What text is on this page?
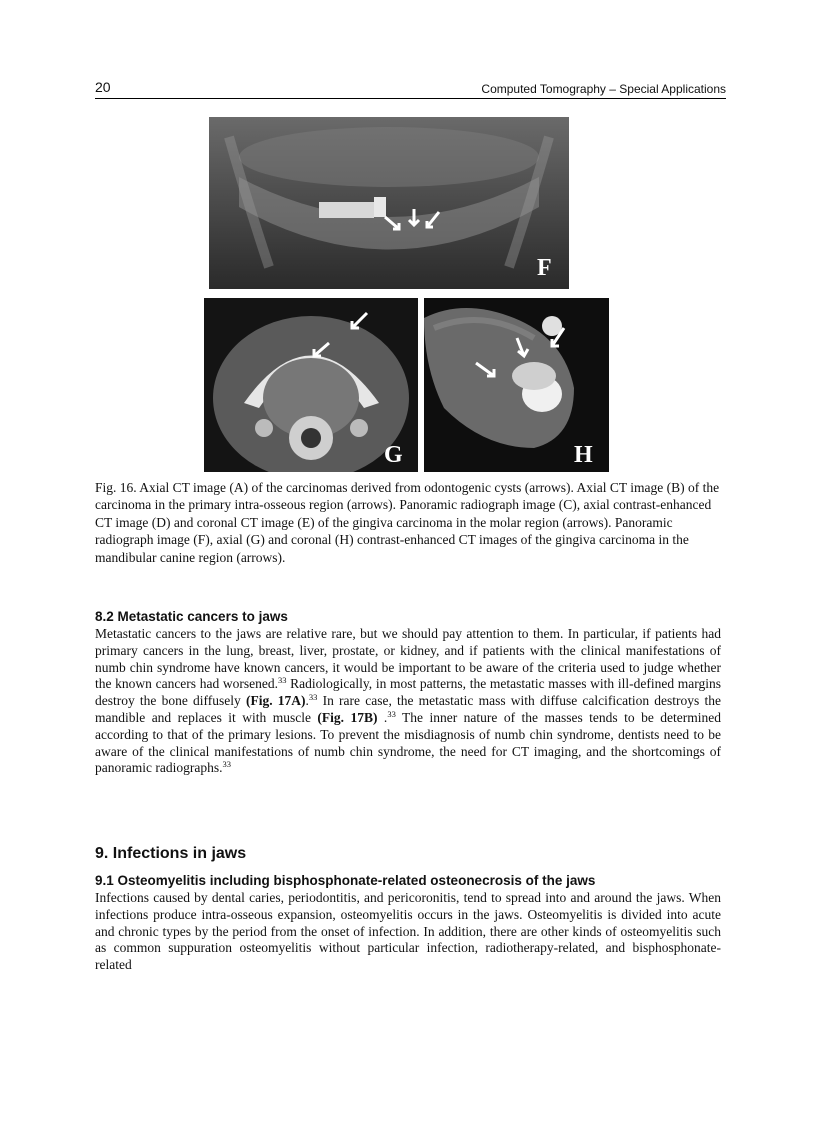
20	Computed Tomography – Special Applications
F
G	H

Fig. 16. Axial CT image (A) of the carcinomas derived from odontogenic cysts (arrows). Axial CT image (B) of the carcinoma in the primary intra-osseous region (arrows). Panoramic radiograph image (C), axial contrast-enhanced CT image (D) and coronal CT image (E) of the gingiva carcinoma in the molar region (arrows). Panoramic radiograph image (F), axial (G) and coronal (H) contrast-enhanced CT images of the gingiva carcinoma in the mandibular canine region (arrows).

8.2 Metastatic cancers to jaws

Metastatic cancers to the jaws are relative rare, but we should pay attention to them. In particular, if patients had primary cancers in the lung, breast, liver, prostate, or kidney, and if patients with the clinical manifestations of numb chin syndrome have known cancers, it would be important to be aware of the criteria used to judge whether the known cancers had worsened.$^{33}$ Radiologically, in most patterns, the metastatic masses with ill-defined margins destroy the bone diffusely (Fig. 17A).$^{33}$ In rare case, the metastatic mass with diffuse calcification destroys the mandible and replaces it with muscle (Fig. 17B) .$^{33}$ The inner nature of the masses tends to be determined according to that of the primary lesions. To prevent the misdiagnosis of numb chin syndrome, dentists need to be aware of the clinical manifestations of numb chin syndrome, the need for CT imaging, and the shortcomings of panoramic radiographs.$^{33}$

9. Infections in jaws
9.1 Osteomyelitis including bisphosphonate-related osteonecrosis of the jaws

Infections caused by dental caries, periodontitis, and pericoronitis, tend to spread into and around the jaws. When infections produce intra-osseous expansion, osteomyelitis occurs in the jaws. Osteomyelitis is divided into acute and chronic types by the period from the onset of infection. In addition, there are other kinds of osteomyelitis such as common suppuration osteomyelitis without particular infection, radiotherapy-related, and bisphosphonate-related
